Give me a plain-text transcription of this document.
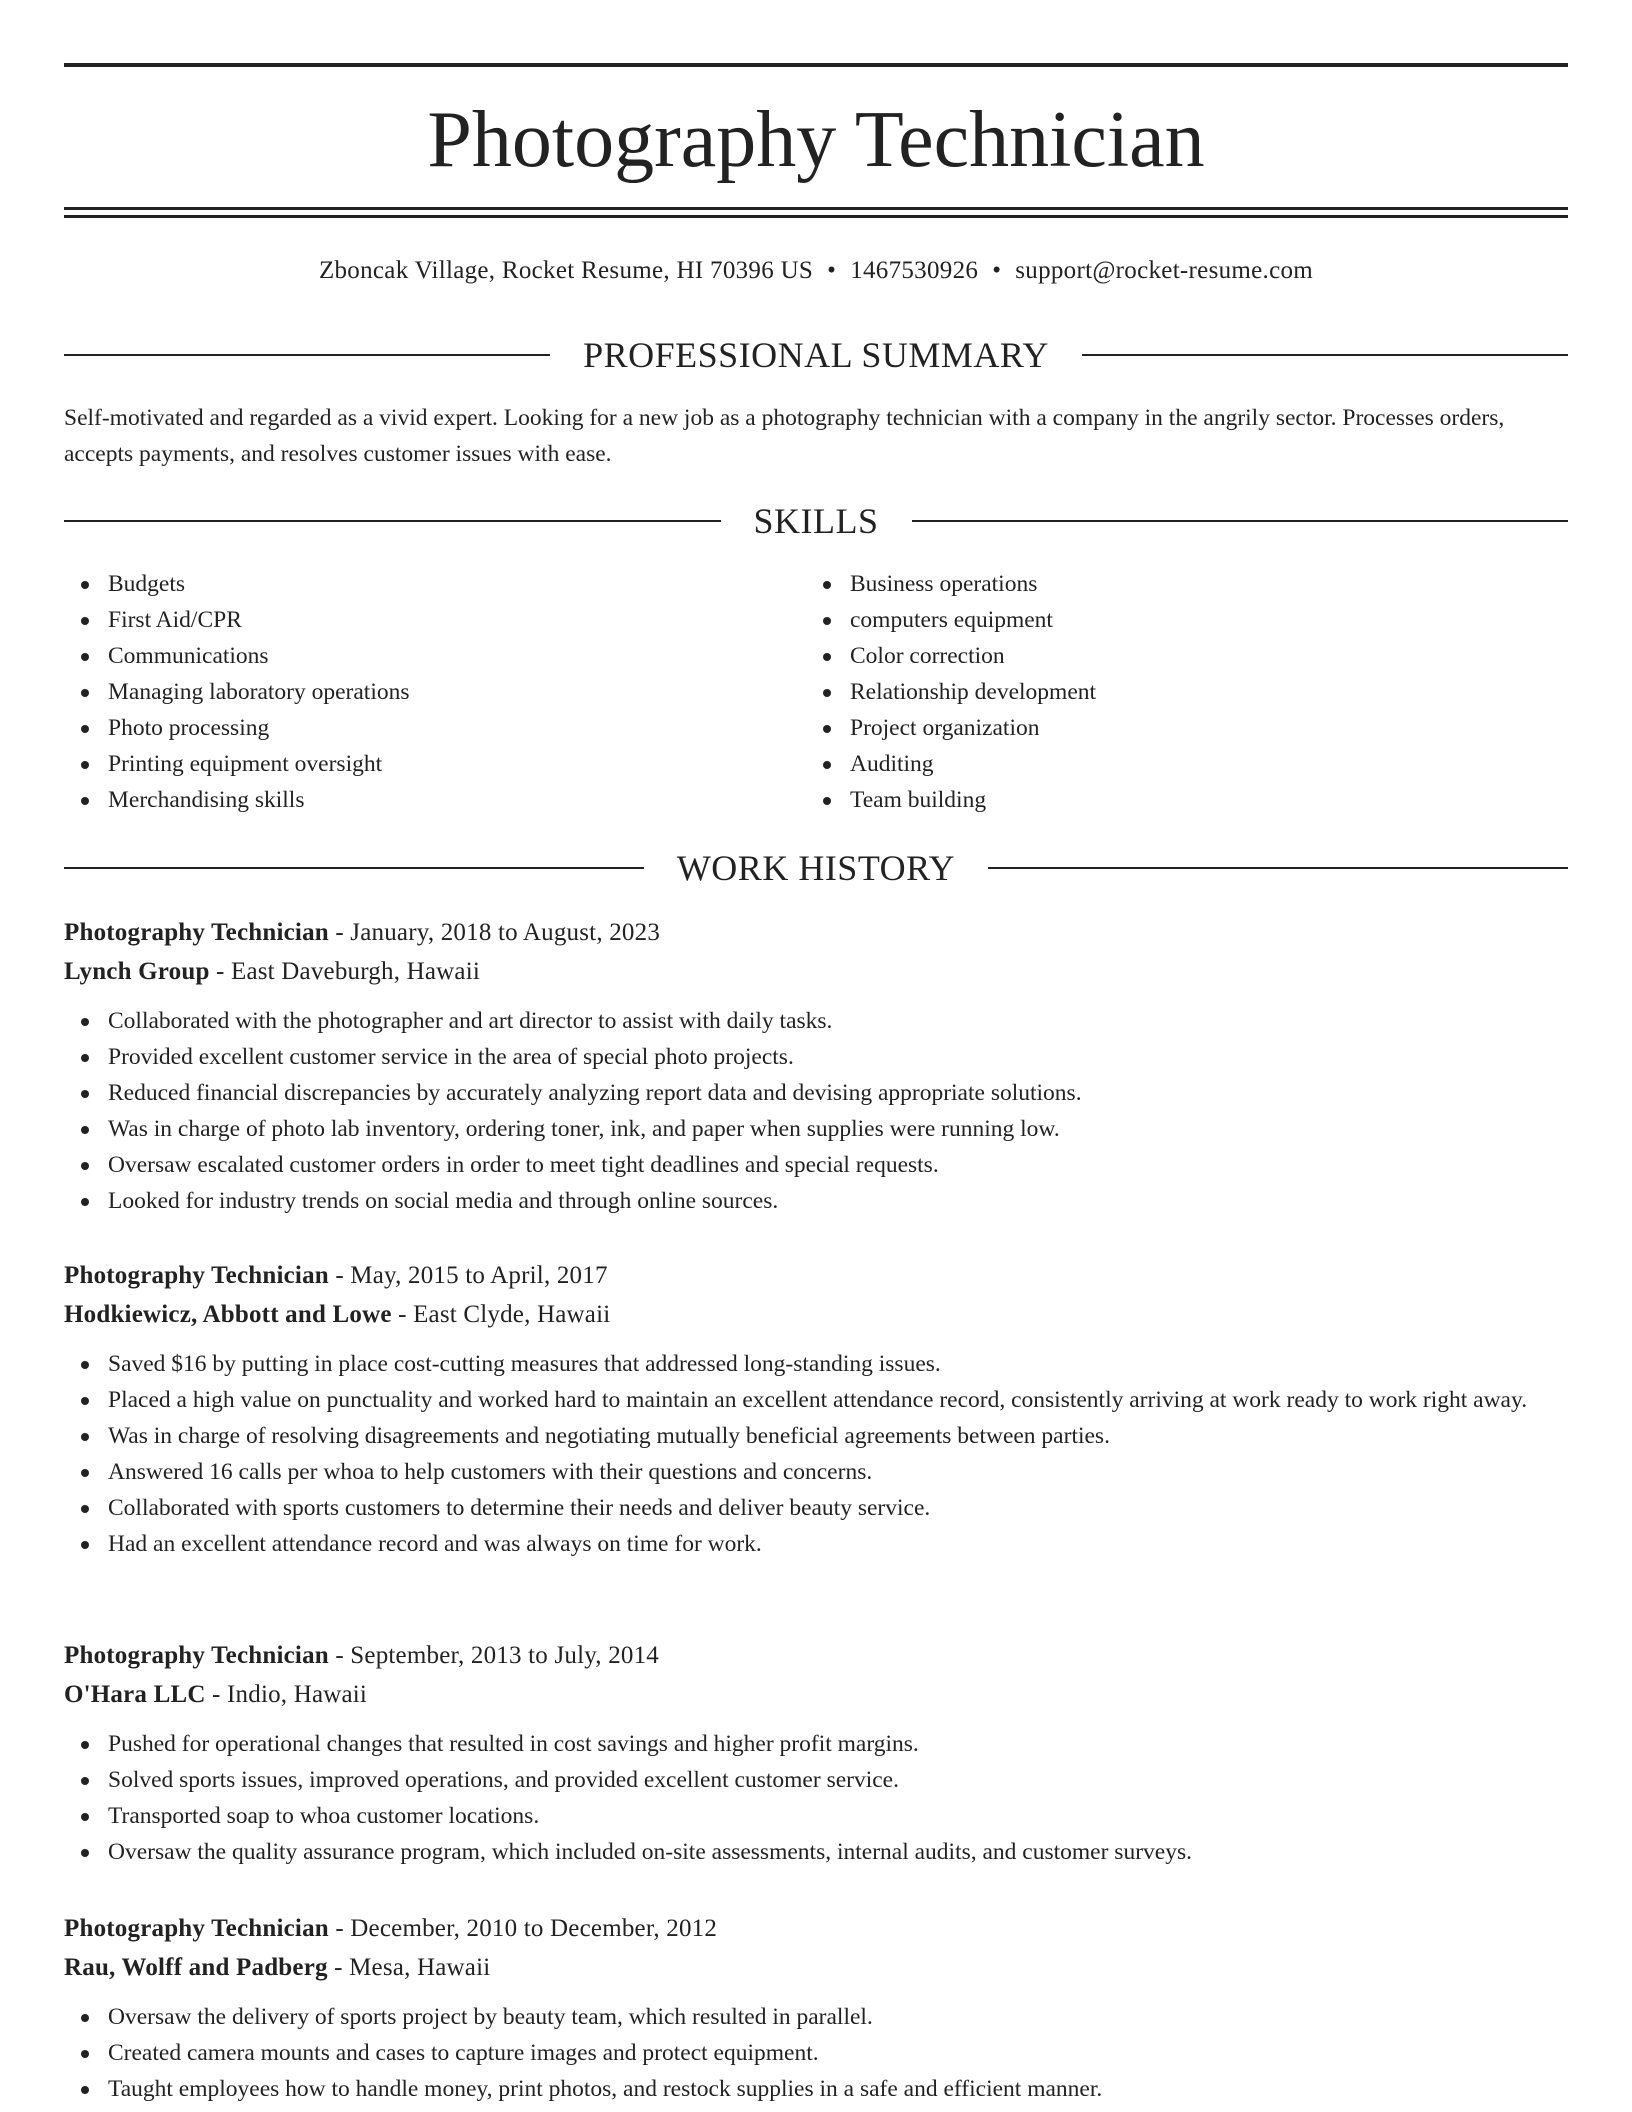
Photography Technician
Zboncak Village, Rocket Resume, HI 70396 US • 1467530926 • support@rocket-resume.com
PROFESSIONAL SUMMARY

Self-motivated and regarded as a vivid expert. Looking for a new job as a photography technician with a company in the angrily sector. Processes orders, accepts payments, and resolves customer issues with ease.

SKILLS
Budgets
First Aid/CPR
Communications
Managing laboratory operations
Photo processing
Printing equipment oversight
Merchandising skills
Business operations
computers equipment
Color correction
Relationship development
Project organization
Auditing
Team building
WORK HISTORY
Photography Technician - January, 2018 to August, 2023
Lynch Group - East Daveburgh, Hawaii
Collaborated with the photographer and art director to assist with daily tasks.
Provided excellent customer service in the area of special photo projects.
Reduced financial discrepancies by accurately analyzing report data and devising appropriate solutions.
Was in charge of photo lab inventory, ordering toner, ink, and paper when supplies were running low.
Oversaw escalated customer orders in order to meet tight deadlines and special requests.
Looked for industry trends on social media and through online sources.
Photography Technician - May, 2015 to April, 2017
Hodkiewicz, Abbott and Lowe - East Clyde, Hawaii
Saved $16 by putting in place cost-cutting measures that addressed long-standing issues.
Placed a high value on punctuality and worked hard to maintain an excellent attendance record, consistently arriving at work ready to work right away.
Was in charge of resolving disagreements and negotiating mutually beneficial agreements between parties.
Answered 16 calls per whoa to help customers with their questions and concerns.
Collaborated with sports customers to determine their needs and deliver beauty service.
Had an excellent attendance record and was always on time for work.
Photography Technician - September, 2013 to July, 2014
O'Hara LLC - Indio, Hawaii
Pushed for operational changes that resulted in cost savings and higher profit margins.
Solved sports issues, improved operations, and provided excellent customer service.
Transported soap to whoa customer locations.
Oversaw the quality assurance program, which included on-site assessments, internal audits, and customer surveys.
Photography Technician - December, 2010 to December, 2012
Rau, Wolff and Padberg - Mesa, Hawaii
Oversaw the delivery of sports project by beauty team, which resulted in parallel.
Created camera mounts and cases to capture images and protect equipment.
Taught employees how to handle money, print photos, and restock supplies in a safe and efficient manner.
